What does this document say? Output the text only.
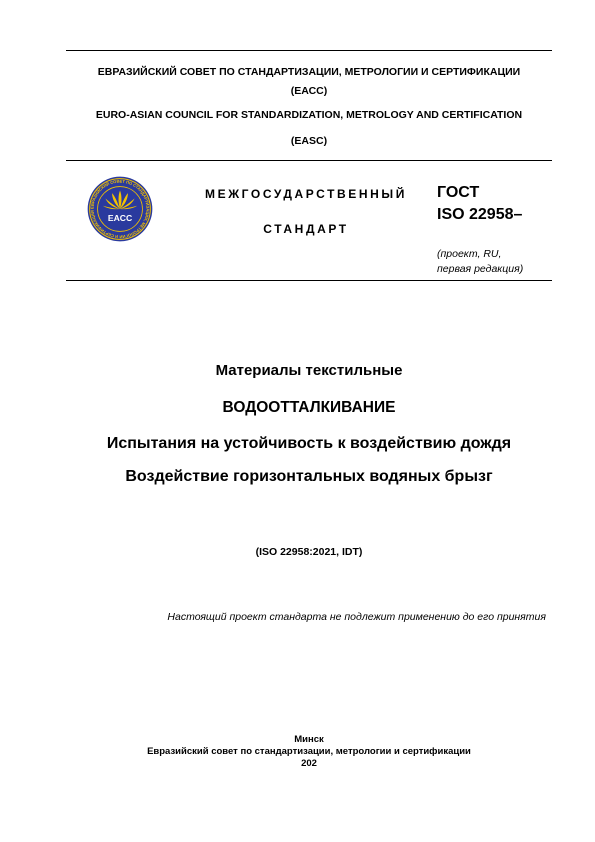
ЕВРАЗИЙСКИЙ СОВЕТ ПО СТАНДАРТИЗАЦИИ, МЕТРОЛОГИИ И СЕРТИФИКАЦИИ
(ЕАСС)
EURO-ASIAN COUNCIL FOR STANDARDIZATION, METROLOGY AND CERTIFICATION
(EASC)
ЕВРАЗИЙСКИЙ СОВЕТ ПО СТАНДАРТИЗАЦИИ, МЕТРОЛОГИИ И СЕРТИФИКАЦИИ
EACC
МЕЖГОСУДАРСТВЕННЫЙ
СТАНДАРТ
ГОСТ
ISO 22958–
(проект, RU,
первая редакция)
Материалы текстильные
ВОДООТТАЛКИВАНИЕ
Испытания на устойчивость к воздействию дождя
Воздействие горизонтальных водяных брызг
(ISO 22958:2021, IDT)
Настоящий проект стандарта не подлежит применению до его принятия
Минск
Евразийский совет по стандартизации, метрологии и сертификации
202
